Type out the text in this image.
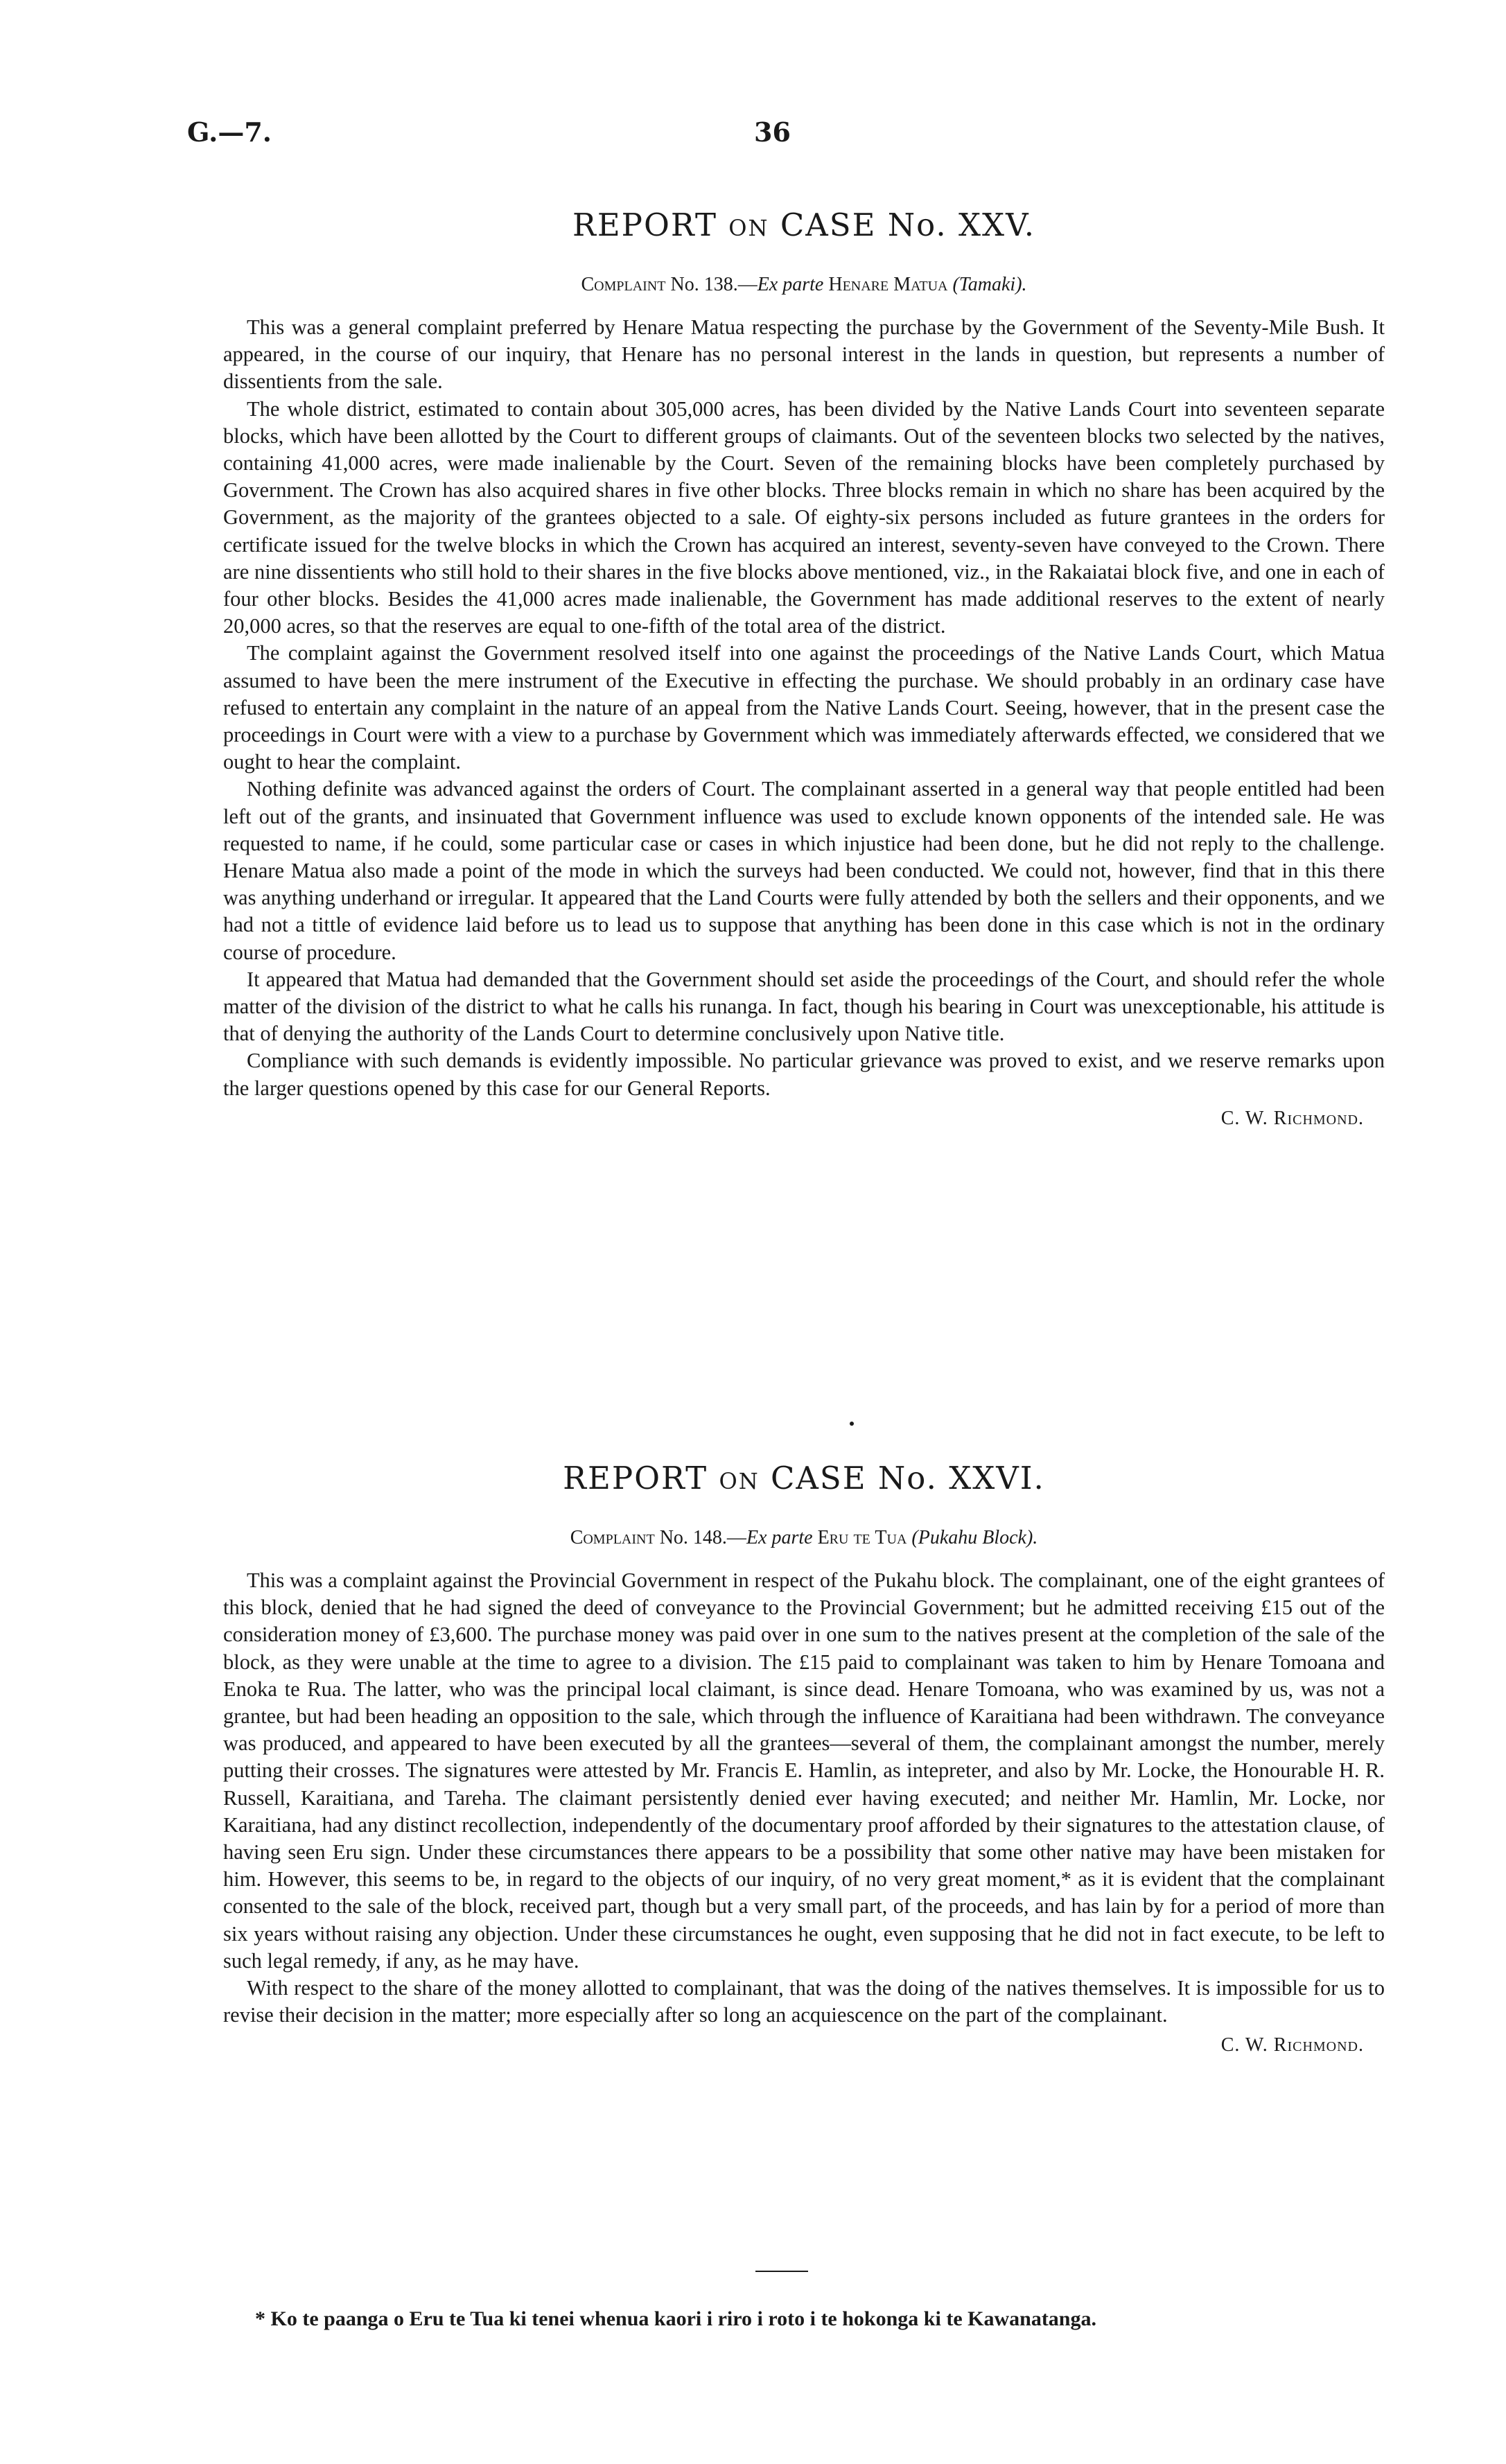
G.—7.	36
REPORT ON CASE No. XXV.

Complaint No. 138.—Ex parte Henare Matua (Tamaki).

This was a general complaint preferred by Henare Matua respecting the purchase by the Government of the Seventy-Mile Bush. It appeared, in the course of our inquiry, that Henare has no personal interest in the lands in question, but represents a number of dissentients from the sale.

The whole district, estimated to contain about 305,000 acres, has been divided by the Native Lands Court into seventeen separate blocks, which have been allotted by the Court to different groups of claimants. Out of the seventeen blocks two selected by the natives, containing 41,000 acres, were made inalienable by the Court. Seven of the remaining blocks have been completely purchased by Government. The Crown has also acquired shares in five other blocks. Three blocks remain in which no share has been acquired by the Government, as the majority of the grantees objected to a sale. Of eighty-six persons included as future grantees in the orders for certificate issued for the twelve blocks in which the Crown has acquired an interest, seventy-seven have conveyed to the Crown. There are nine dissentients who still hold to their shares in the five blocks above mentioned, viz., in the Rakaiatai block five, and one in each of four other blocks. Besides the 41,000 acres made inalienable, the Government has made additional reserves to the extent of nearly 20,000 acres, so that the reserves are equal to one-fifth of the total area of the district.

The complaint against the Government resolved itself into one against the proceedings of the Native Lands Court, which Matua assumed to have been the mere instrument of the Executive in effecting the purchase. We should probably in an ordinary case have refused to entertain any complaint in the nature of an appeal from the Native Lands Court. Seeing, however, that in the present case the proceedings in Court were with a view to a purchase by Government which was immediately afterwards effected, we considered that we ought to hear the complaint.

Nothing definite was advanced against the orders of Court. The complainant asserted in a general way that people entitled had been left out of the grants, and insinuated that Government influence was used to exclude known opponents of the intended sale. He was requested to name, if he could, some particular case or cases in which injustice had been done, but he did not reply to the challenge. Henare Matua also made a point of the mode in which the surveys had been conducted. We could not, however, find that in this there was anything underhand or irregular. It appeared that the Land Courts were fully attended by both the sellers and their opponents, and we had not a tittle of evidence laid before us to lead us to suppose that anything has been done in this case which is not in the ordinary course of procedure.

It appeared that Matua had demanded that the Government should set aside the proceedings of the Court, and should refer the whole matter of the division of the district to what he calls his runanga. In fact, though his bearing in Court was unexceptionable, his attitude is that of denying the authority of the Lands Court to determine conclusively upon Native title.

Compliance with such demands is evidently impossible. No particular grievance was proved to exist, and we reserve remarks upon the larger questions opened by this case for our General Reports.

C. W. Richmond.

REPORT ON CASE No. XXVI.

Complaint No. 148.—Ex parte Eru te Tua (Pukahu Block).

This was a complaint against the Provincial Government in respect of the Pukahu block. The complainant, one of the eight grantees of this block, denied that he had signed the deed of conveyance to the Provincial Government; but he admitted receiving £15 out of the consideration money of £3,600. The purchase money was paid over in one sum to the natives present at the completion of the sale of the block, as they were unable at the time to agree to a division. The £15 paid to complainant was taken to him by Henare Tomoana and Enoka te Rua. The latter, who was the principal local claimant, is since dead. Henare Tomoana, who was examined by us, was not a grantee, but had been heading an opposition to the sale, which through the influence of Karaitiana had been withdrawn. The conveyance was produced, and appeared to have been executed by all the grantees—several of them, the complainant amongst the number, merely putting their crosses. The signatures were attested by Mr. Francis E. Hamlin, as intepreter, and also by Mr. Locke, the Honourable H. R. Russell, Karaitiana, and Tareha. The claimant persistently denied ever having executed; and neither Mr. Hamlin, Mr. Locke, nor Karaitiana, had any distinct recollection, independently of the documentary proof afforded by their signatures to the attestation clause, of having seen Eru sign. Under these circumstances there appears to be a possibility that some other native may have been mistaken for him. However, this seems to be, in regard to the objects of our inquiry, of no very great moment,* as it is evident that the complainant consented to the sale of the block, received part, though but a very small part, of the proceeds, and has lain by for a period of more than six years without raising any objection. Under these circumstances he ought, even supposing that he did not in fact execute, to be left to such legal remedy, if any, as he may have.

With respect to the share of the money allotted to complainant, that was the doing of the natives themselves. It is impossible for us to revise their decision in the matter; more especially after so long an acquiescence on the part of the complainant.

C. W. Richmond.

* Ko te paanga o Eru te Tua ki tenei whenua kaori i riro i roto i te hokonga ki te Kawanatanga.
